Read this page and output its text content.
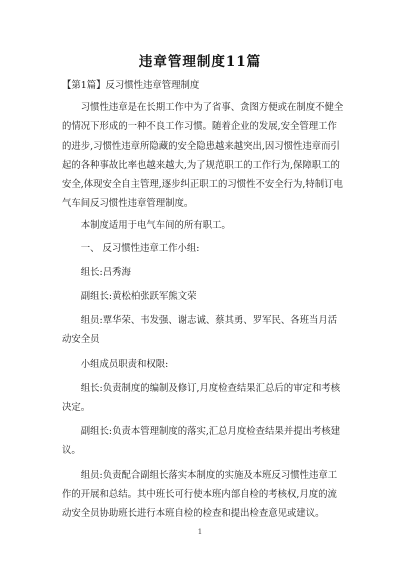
违章管理制度11篇

【第1篇】反习惯性违章管理制度

习惯性违章是在长期工作中为了省事、贪图方便或在制度不健全的情况下形成的一种不良工作习惯。随着企业的发展,安全管理工作的进步,习惯性违章所隐藏的安全隐患越来越突出,因习惯性违章而引起的各种事故比率也越来越大,为了规范职工的工作行为,保障职工的安全,体现安全自主管理,逐步纠正职工的习惯性不安全行为,特制订电气车间反习惯性违章管理制度。

本制度适用于电气车间的所有职工。

一、 反习惯性违章工作小组:

组长:吕秀海

副组长:黄松柏张跃军熊文荣

组员:覃华荣、韦发强、谢志诚、蔡其勇、罗军民、各班当月活动安全员

小组成员职责和权限:

组长:负责制度的编制及修订,月度检查结果汇总后的审定和考核决定。

副组长:负责本管理制度的落实,汇总月度检查结果并提出考核建议。

组员:负责配合副组长落实本制度的实施及本班反习惯性违章工作的开展和总结。其中班长可行使本班内部自检的考核权,月度的流动安全员协助班长进行本班自检的检查和提出检查意见或建议。

1
